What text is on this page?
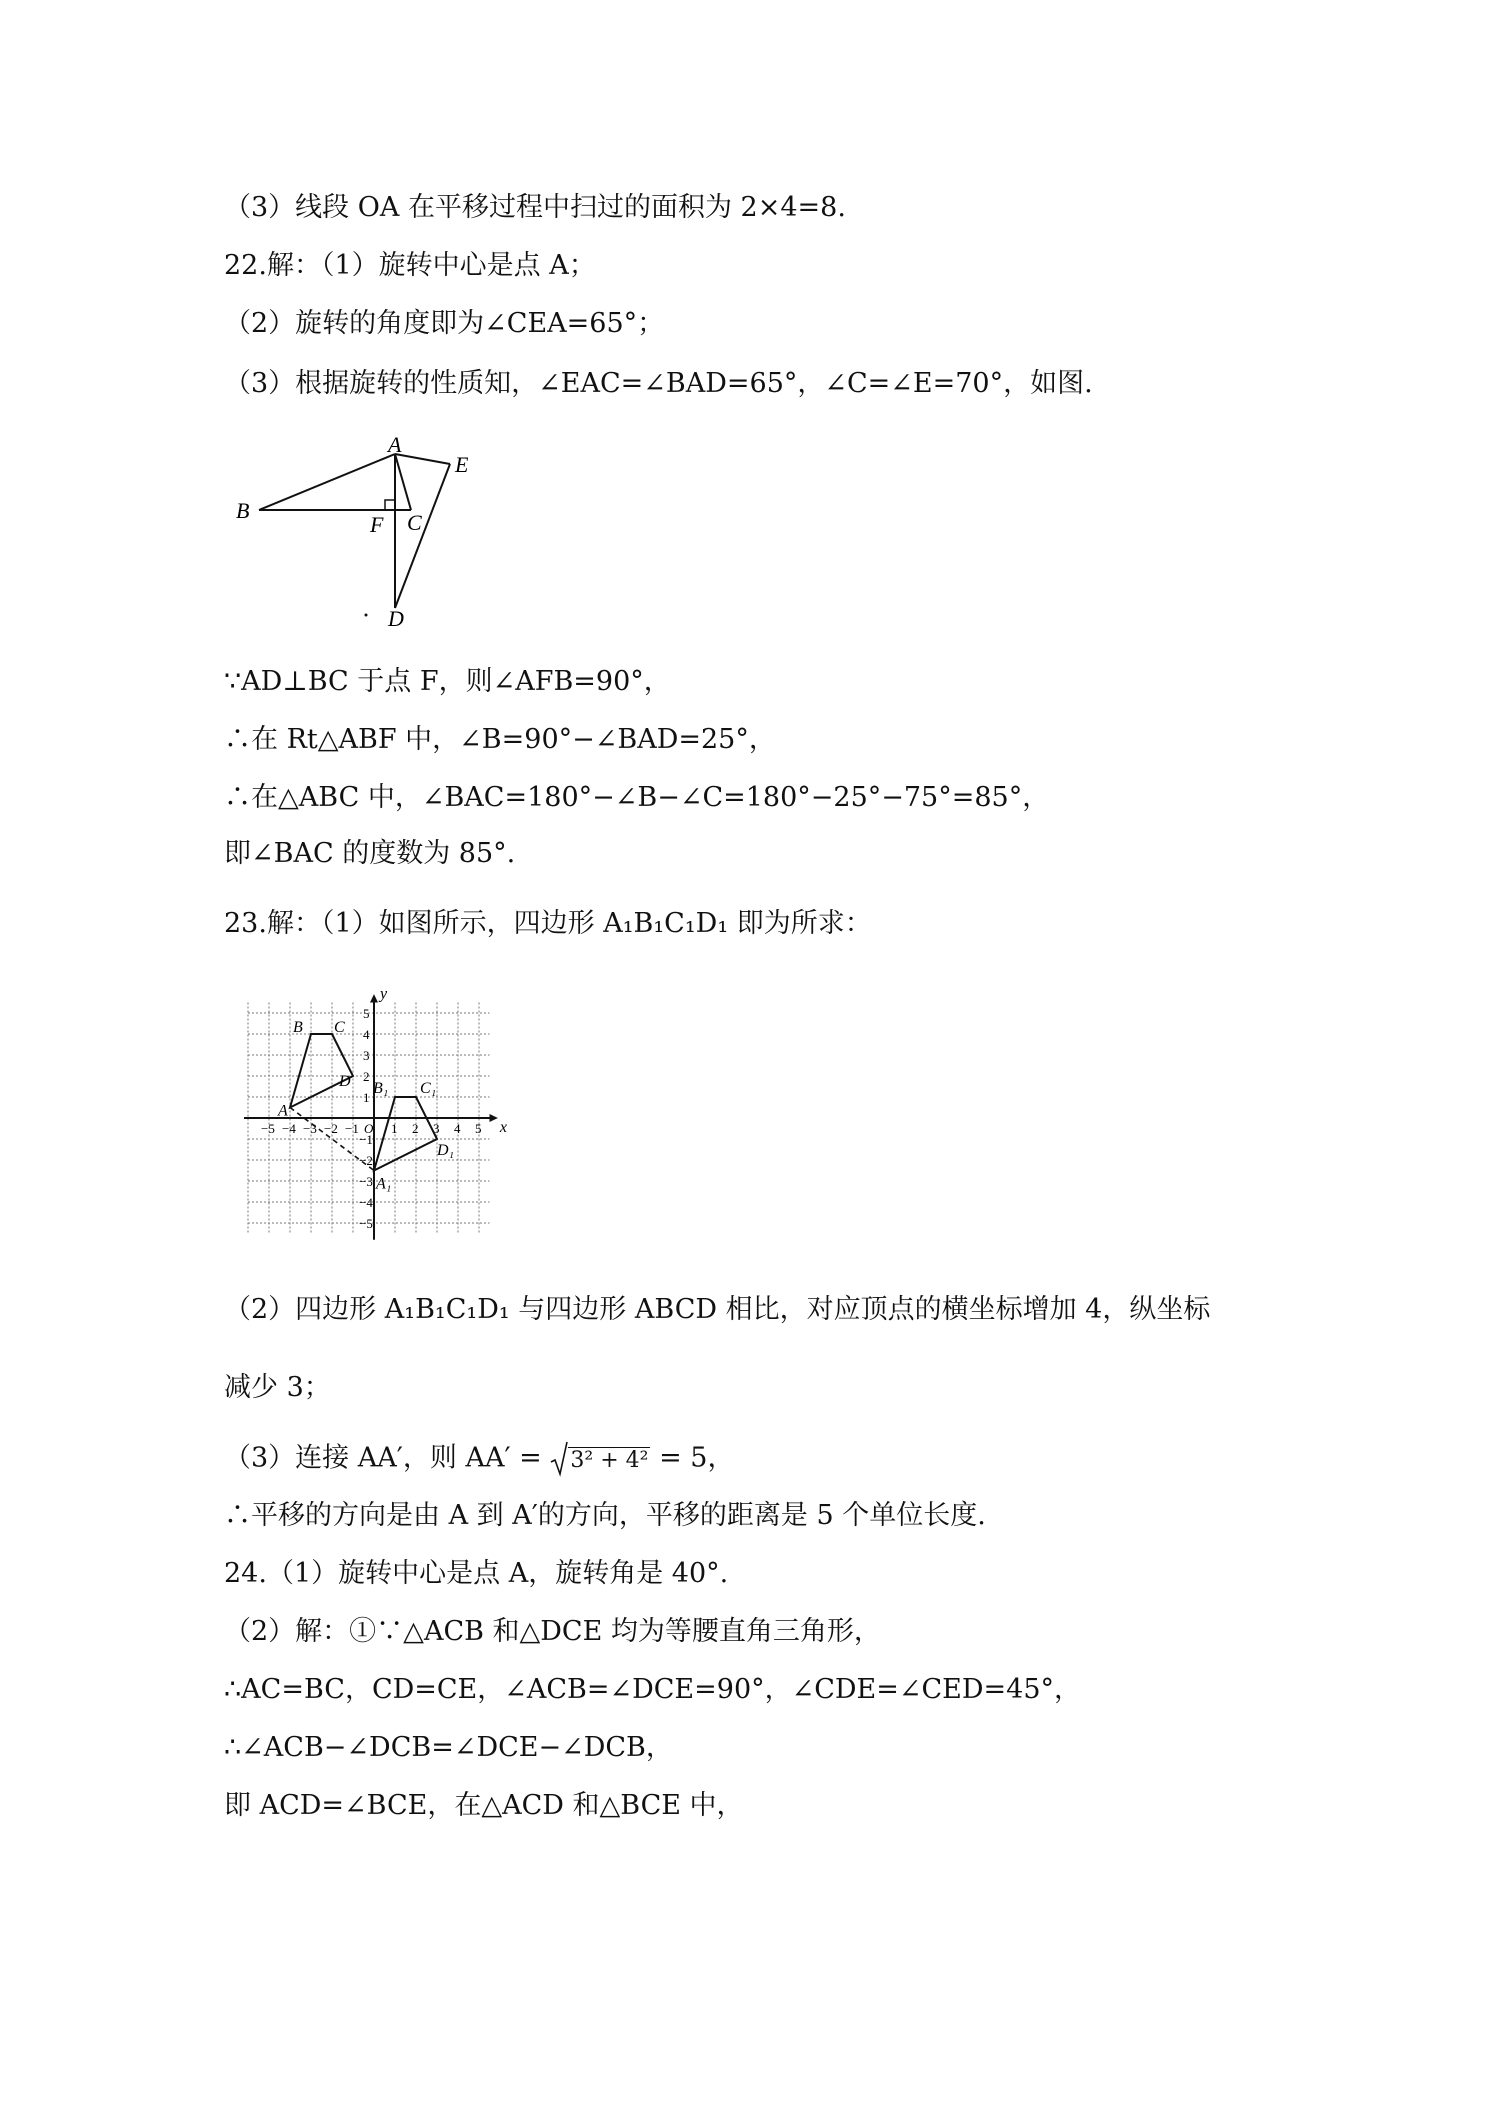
（3）线段 OA 在平移过程中扫过的面积为 2×4=8.
22.解：（1）旋转中心是点 A；
（2）旋转的角度即为∠CEA=65°；
（3）根据旋转的性质知，∠EAC=∠BAD=65°，∠C=∠E=70°，如图.
A
B	C
D
E
F
∵AD⊥BC 于点 F，则∠AFB=90°，
∴在 Rt△ABF 中，∠B=90°−∠BAD=25°，
∴在△ABC 中，∠BAC=180°−∠B−∠C=180°−25°−75°=85°，
即∠BAC 的度数为 85°.
23.解：（1）如图所示，四边形 A₁B₁C₁D₁ 即为所求：
x
y
−5 −4 −3 −2 −1 O 1 2 3 4 5
5
4
3
2
1
−1
−2
−3
−4
−5
A
B C
D B₁ C₁
D₁
A₁
（2）四边形 A₁B₁C₁D₁ 与四边形 ABCD 相比，对应顶点的横坐标增加 4，纵坐标
减少 3；
（3）连接 AA′，则 AA′ = 3² + 4² = 5，
∴平移的方向是由 A 到 A′的方向，平移的距离是 5 个单位长度.
24.（1）旋转中心是点 A，旋转角是 40°.
（2）解：①∵△ACB 和△DCE 均为等腰直角三角形，
∴AC=BC，CD=CE，∠ACB=∠DCE=90°，∠CDE=∠CED=45°，
∴∠ACB−∠DCB=∠DCE−∠DCB，
即 ACD=∠BCE，在△ACD 和△BCE 中，
